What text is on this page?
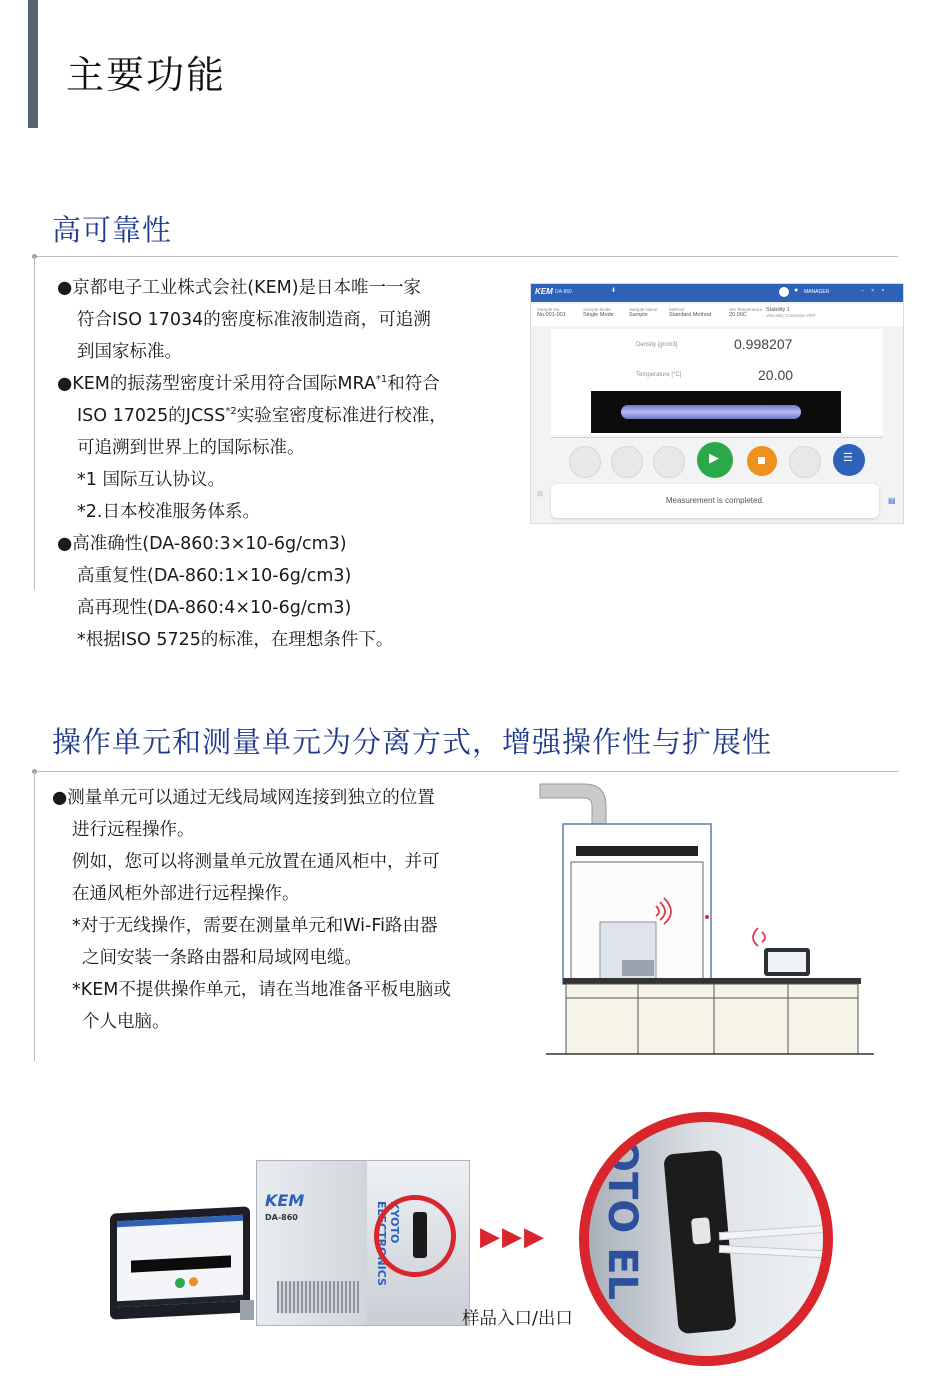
主要功能
高可靠性
●京都电子工业株式会社(KEM)是日本唯一一家
符合ISO 17034的密度标准液制造商，可追溯
到国家标准。
●KEM的振荡型密度计采用符合国际MRA$^{*1}$和符合
ISO 17025的JCSS$^{*2}$实验室密度标准进行校准，
可追溯到世界上的国际标准。
*1 国际互认协议。
*2.日本校准服务体系。
●高准确性(DA-860:3×10-6g/cm3)
高重复性(DA-860:1×10-6g/cm3)
高再现性(DA-860:4×10-6g/cm3)
*根据ISO 5725的标准，在理想条件下。
KEM DA-860	⬇	● MANAGER	– × ×
Sample No.
No.001-001
Sample Mode
Single Mode
Sample Name
Sample
Method
Standard Method
Set Temperature
20.00C
Stability 1
Viscosity Correction OFF
Density [g/cm3]	0.998207
Temperature [°C]	20.00
▶	☰
⊟
Measurement is completed.	▤
操作单元和测量单元为分离方式，增强操作性与扩展性
●测量单元可以通过无线局域网连接到独立的位置
进行远程操作。
例如，您可以将测量单元放置在通风柜中，并可
在通风柜外部进行远程操作。
*对于无线操作，需要在测量单元和Wi-Fi路由器
之间安装一条路由器和局域网电缆。
*KEM不提供操作单元，请在当地准备平板电脑或
个人电脑。
KEM
DA-860	KYOTO ELECTRONICS	▶▶▶ OTO EL
样品入口/出口
